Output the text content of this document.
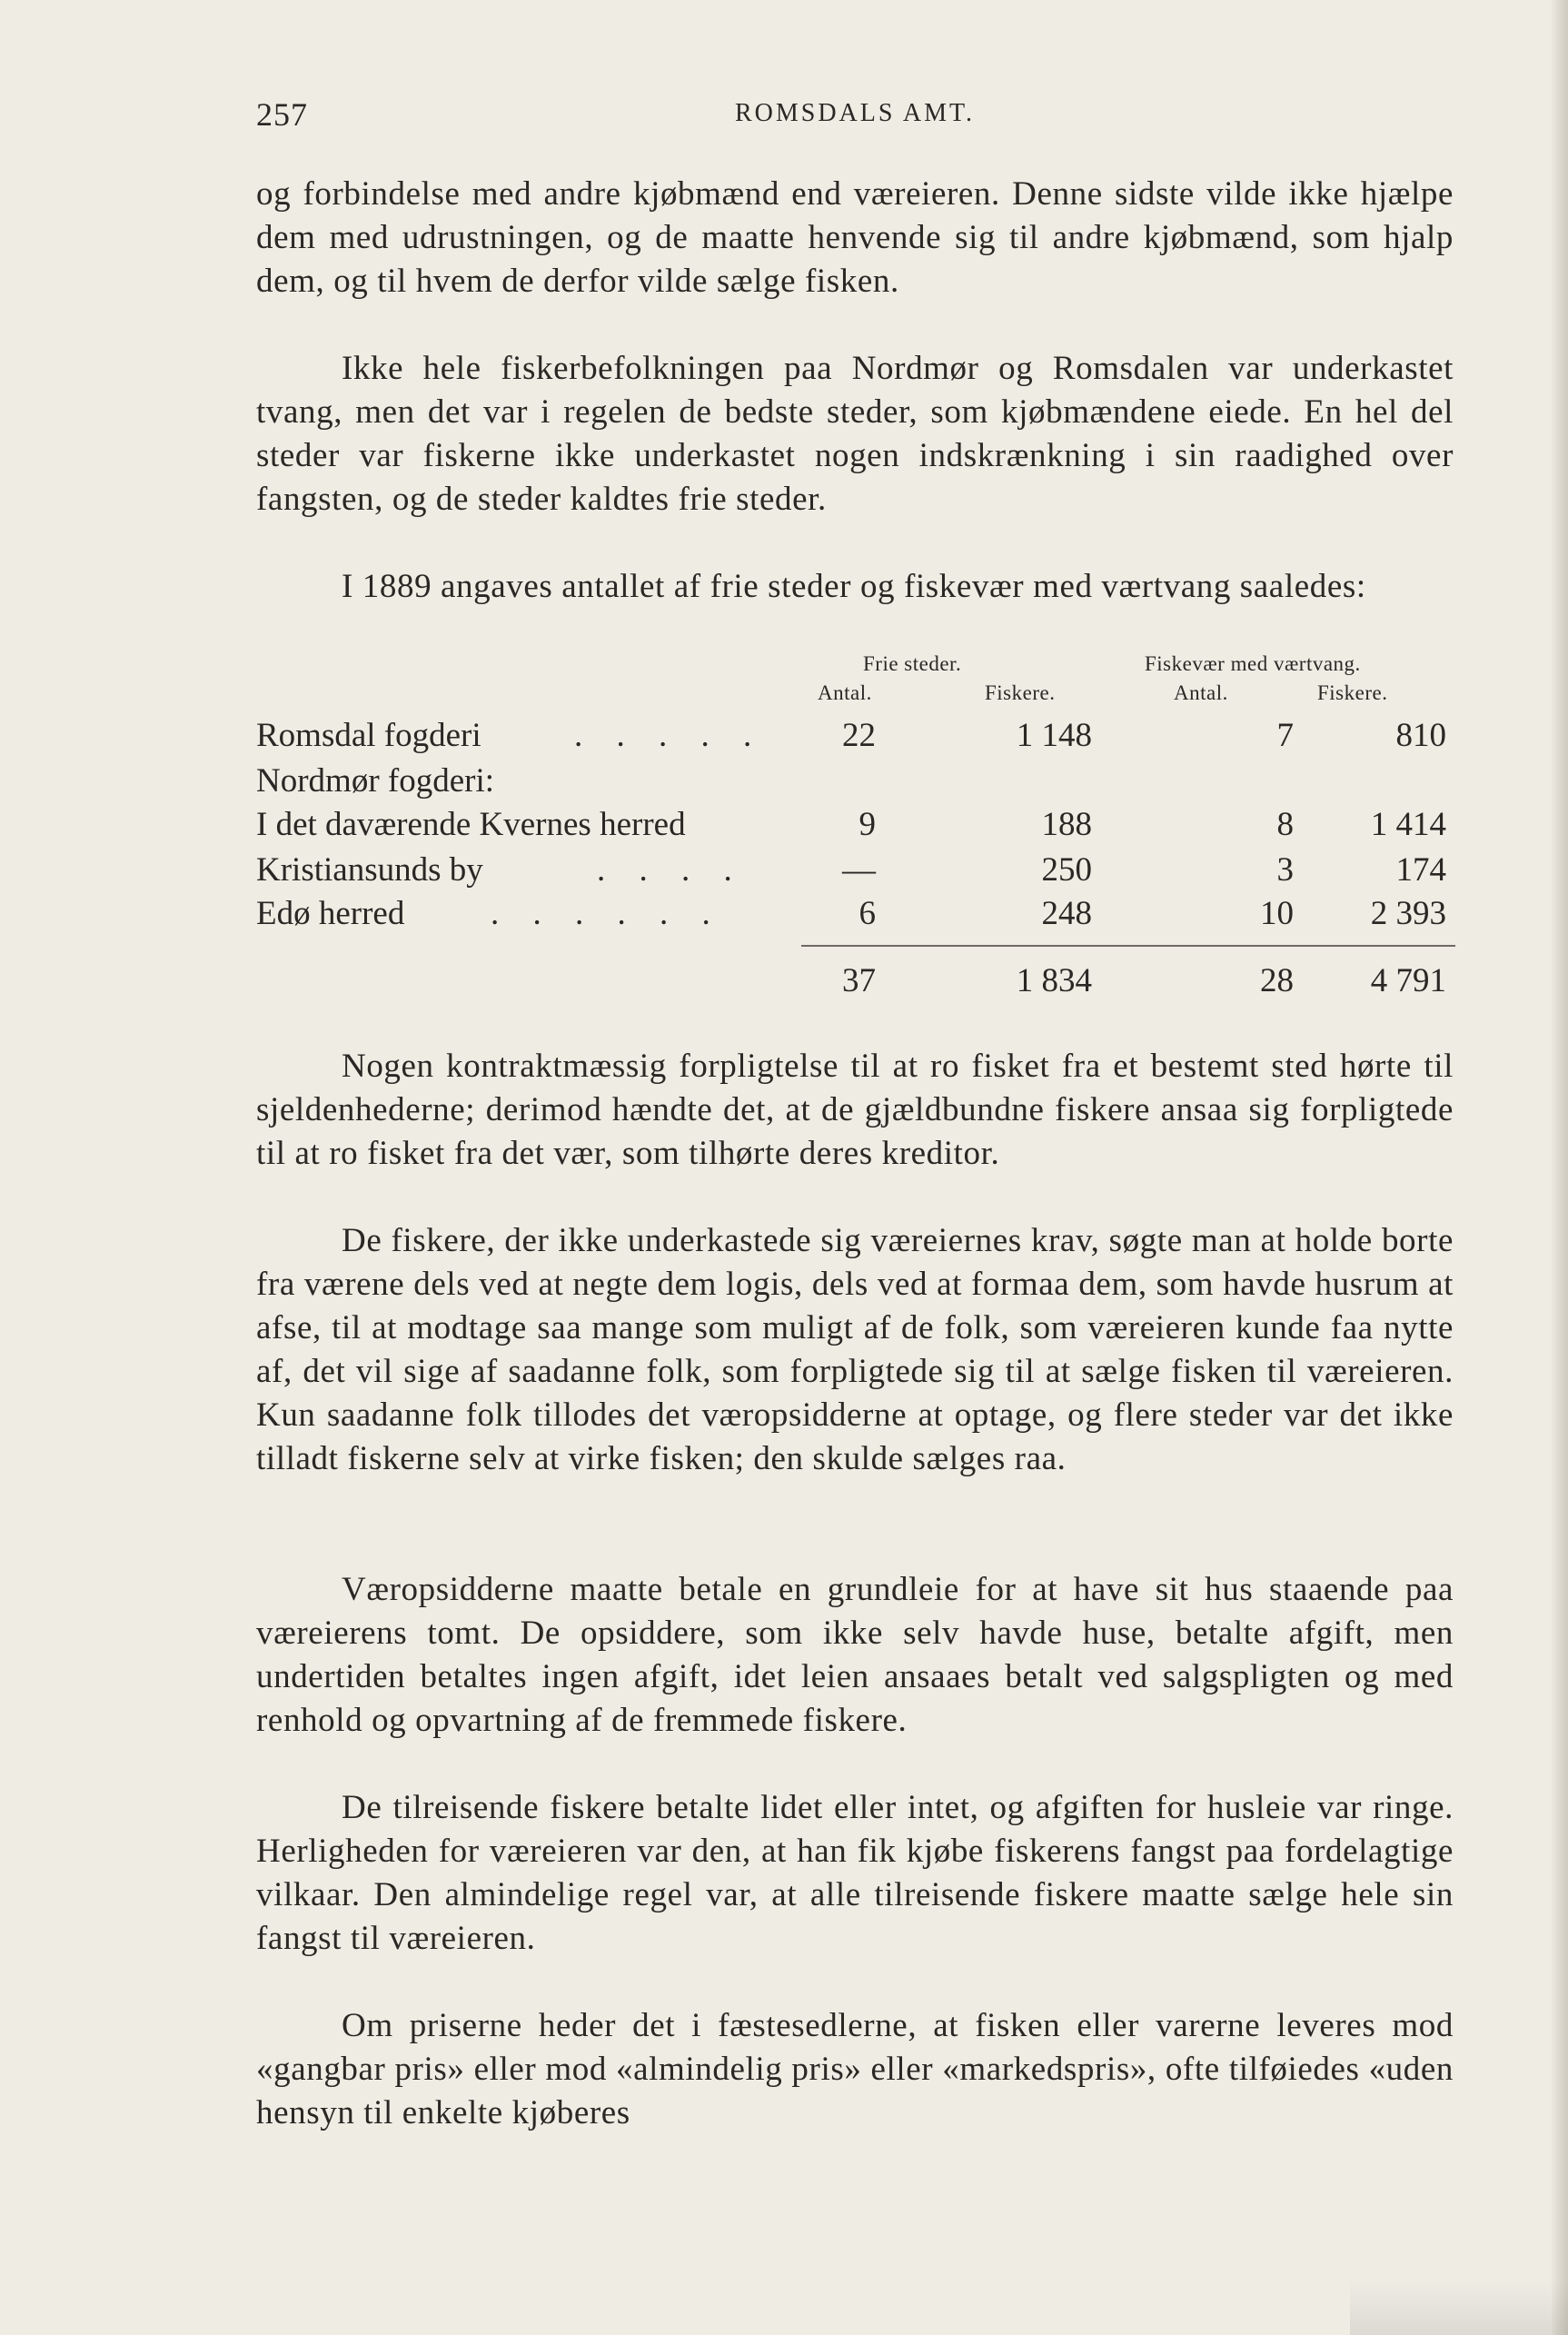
257	ROMSDALS AMT.

og forbindelse med andre kjøbmænd end væreieren. Denne sidste vilde ikke hjælpe dem med udrustningen, og de maatte henvende sig til andre kjøbmænd, som hjalp dem, og til hvem de derfor vilde sælge fisken.

Ikke hele fiskerbefolkningen paa Nordmør og Romsdalen var underkastet tvang, men det var i regelen de bedste steder, som kjøbmændene eiede. En hel del steder var fiskerne ikke underkastet nogen indskrænkning i sin raadighed over fangsten, og de steder kaldtes frie steder.

I 1889 angaves antallet af frie steder og fiskevær med værtvang saaledes:

Frie steder.	Fiskevær med værtvang.
Antal.	Fiskere.	Antal.	Fiskere.
Romsdal fogderi	. . . . .	22	1 148	7	810
Nordmør fogderi:
I det daværende Kvernes herred	9	188	8	1 414
Kristiansunds by	. . . .	—	250	3	174
Edø herred	. . . . . .	6	248	10	2 393
37	1 834	28	4 791

Nogen kontraktmæssig forpligtelse til at ro fisket fra et bestemt sted hørte til sjeldenhederne; derimod hændte det, at de gjældbundne fiskere ansaa sig forpligtede til at ro fisket fra det vær, som tilhørte deres kreditor.

De fiskere, der ikke underkastede sig væreiernes krav, søgte man at holde borte fra værene dels ved at negte dem logis, dels ved at formaa dem, som havde husrum at afse, til at modtage saa mange som muligt af de folk, som væreieren kunde faa nytte af, det vil sige af saadanne folk, som forpligtede sig til at sælge fisken til væreieren. Kun saadanne folk tillodes det væropsidderne at optage, og flere steder var det ikke tilladt fiskerne selv at virke fisken; den skulde sælges raa.

Væropsidderne maatte betale en grundleie for at have sit hus staaende paa væreierens tomt. De opsiddere, som ikke selv havde huse, betalte afgift, men undertiden betaltes ingen afgift, idet leien ansaaes betalt ved salgspligten og med renhold og opvartning af de fremmede fiskere.

De tilreisende fiskere betalte lidet eller intet, og afgiften for husleie var ringe. Herligheden for væreieren var den, at han fik kjøbe fiskerens fangst paa fordelagtige vilkaar. Den almindelige regel var, at alle tilreisende fiskere maatte sælge hele sin fangst til væreieren.

Om priserne heder det i fæstesedlerne, at fisken eller varerne leveres mod «gangbar pris» eller mod «almindelig pris» eller «markedspris», ofte tilføiedes «uden hensyn til enkelte kjøberes
